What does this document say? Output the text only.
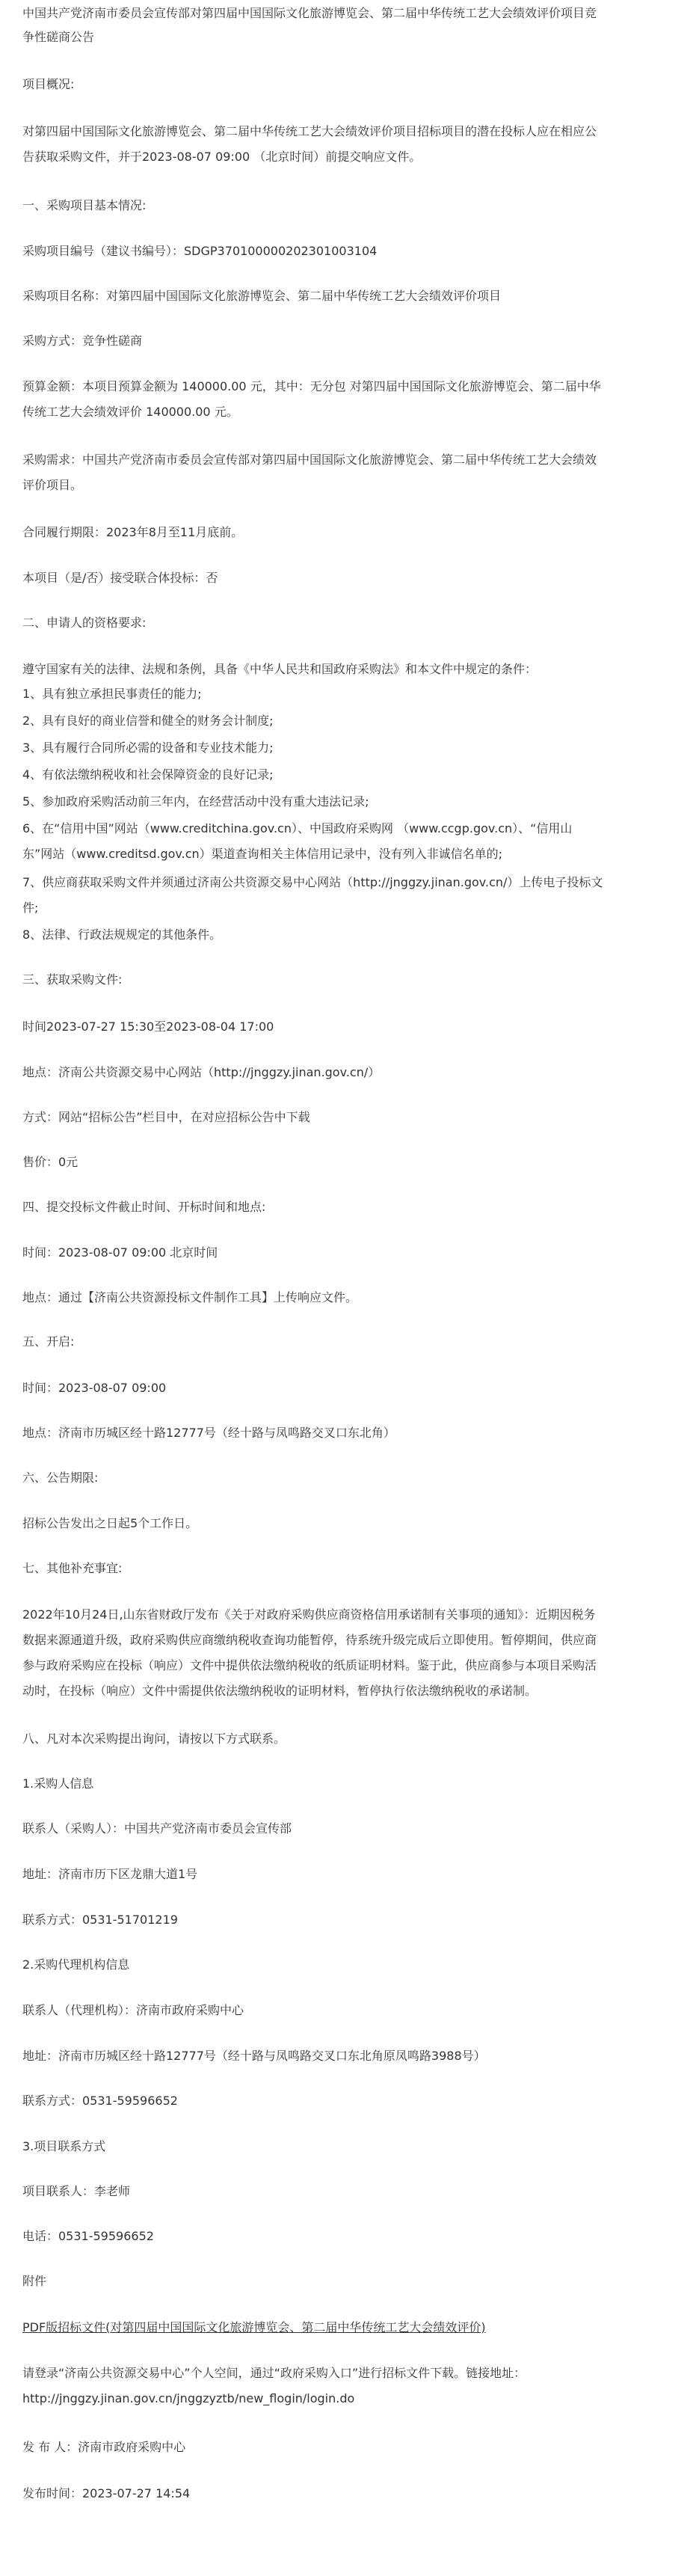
中国共产党济南市委员会宣传部对第四届中国国际文化旅游博览会、第二届中华传统工艺大会绩效评价项目竞
争性磋商公告
项目概况:
对第四届中国国际文化旅游博览会、第二届中华传统工艺大会绩效评价项目招标项目的潜在投标人应在相应公
告获取采购文件，并于2023-08-07 09:00 （北京时间）前提交响应文件。
一、采购项目基本情况:
采购项目编号（建议书编号）：SDGP370100000202301003104
采购项目名称：对第四届中国国际文化旅游博览会、第二届中华传统工艺大会绩效评价项目
采购方式：竞争性磋商
预算金额：本项目预算金额为 140000.00 元，其中：无分包 对第四届中国国际文化旅游博览会、第二届中华
传统工艺大会绩效评价 140000.00 元。
采购需求：中国共产党济南市委员会宣传部对第四届中国国际文化旅游博览会、第二届中华传统工艺大会绩效
评价项目。
合同履行期限：2023年8月至11月底前。
本项目（是/否）接受联合体投标：否
二、申请人的资格要求:
遵守国家有关的法律、法规和条例，具备《中华人民共和国政府采购法》和本文件中规定的条件：
1、具有独立承担民事责任的能力;
2、具有良好的商业信誉和健全的财务会计制度;
3、具有履行合同所必需的设备和专业技术能力;
4、有依法缴纳税收和社会保障资金的良好记录;
5、参加政府采购活动前三年内，在经营活动中没有重大违法记录;
6、在“信用中国”网站（www.creditchina.gov.cn）、中国政府采购网 （www.ccgp.gov.cn）、“信用山
东”网站（www.creditsd.gov.cn）渠道查询相关主体信用记录中，没有列入非诚信名单的;
7、供应商获取采购文件并须通过济南公共资源交易中心网站（http://jnggzy.jinan.gov.cn/）上传电子投标文
件;
8、法律、行政法规规定的其他条件。
三、获取采购文件:
时间2023-07-27 15:30至2023-08-04 17:00
地点：济南公共资源交易中心网站（http://jnggzy.jinan.gov.cn/）
方式：网站“招标公告”栏目中，在对应招标公告中下载
售价：0元
四、提交投标文件截止时间、开标时间和地点:
时间：2023-08-07 09:00 北京时间
地点：通过【济南公共资源投标文件制作工具】上传响应文件。
五、开启:
时间：2023-08-07 09:00
地点：济南市历城区经十路12777号（经十路与凤鸣路交叉口东北角）
六、公告期限:
招标公告发出之日起5个工作日。
七、其他补充事宜:
2022年10月24日,山东省财政厅发布《关于对政府采购供应商资格信用承诺制有关事项的通知》：近期因税务
数据来源通道升级，政府采购供应商缴纳税收查询功能暂停，待系统升级完成后立即使用。暂停期间，供应商
参与政府采购应在投标（响应）文件中提供依法缴纳税收的纸质证明材料。鉴于此，供应商参与本项目采购活
动时，在投标（响应）文件中需提供依法缴纳税收的证明材料，暂停执行依法缴纳税收的承诺制。
八、凡对本次采购提出询问，请按以下方式联系。
1.采购人信息
联系人（采购人）：中国共产党济南市委员会宣传部
地址：济南市历下区龙鼎大道1号
联系方式：0531-51701219
2.采购代理机构信息
联系人（代理机构）：济南市政府采购中心
地址：济南市历城区经十路12777号（经十路与凤鸣路交叉口东北角原凤鸣路3988号）
联系方式：0531-59596652
3.项目联系方式
项目联系人：李老师
电话：0531-59596652
附件
PDF版招标文件(对第四届中国国际文化旅游博览会、第二届中华传统工艺大会绩效评价)
请登录“济南公共资源交易中心”个人空间，通过“政府采购入口”进行招标文件下载。链接地址：
http://jnggzy.jinan.gov.cn/jnggzyztb/new_flogin/login.do
发 布 人：济南市政府采购中心
发布时间：2023-07-27 14:54
